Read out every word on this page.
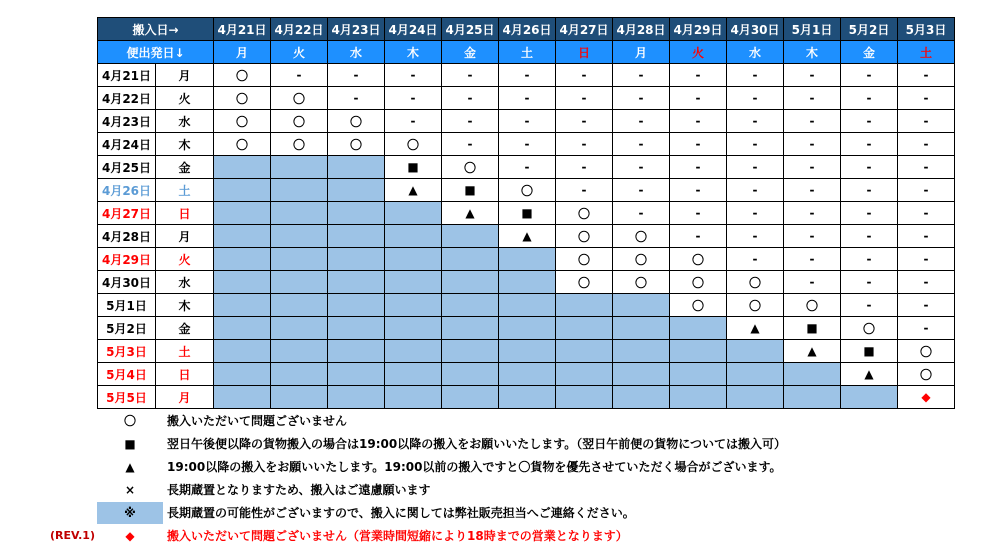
搬入日→		4月21日	4月22日	4月23日	4月24日	4月25日	4月26日	4月27日	4月28日	4月29日	4月30日	5月1日	5月2日	5月3日
便出発日↓		月	火	水	木	金	土	日	月	火	水	木	金	土
4月21日	月	〇	-	-	-	-	-	-	-	-	-	-	-	-
4月22日	火	〇	〇	-	-	-	-	-	-	-	-	-	-	-
4月23日	水	〇	〇	〇	-	-	-	-	-	-	-	-	-	-
4月24日	木	〇	〇	〇	〇	-	-	-	-	-	-	-	-	-
4月25日	金				■	〇	-	-	-	-	-	-	-	-
4月26日	土				▲	■	〇	-	-	-	-	-	-	-
4月27日	日					▲	■	〇	-	-	-	-	-	-
4月28日	月						▲	〇	〇	-	-	-	-	-
4月29日	火							〇	〇	〇	-	-	-	-
4月30日	水							〇	〇	〇	〇	-	-	-
5月1日	木									〇	〇	〇	-	-
5月2日	金										▲	■	〇	-
5月3日	土											▲	■	〇
5月4日	日												▲	〇
5月5日	月													◆
〇	搬入いただいて問題ございません
■	翌日午後便以降の貨物搬入の場合は19:00以降の搬入をお願いいたします。（翌日午前便の貨物については搬入可）
▲	19:00以降の搬入をお願いいたします。19:00以前の搬入ですと〇貨物を優先させていただく場合がございます。
×	長期蔵置となりますため、搬入はご遠慮願います
※	長期蔵置の可能性がございますので、搬入に関しては弊社販売担当へご連絡ください。
(REV.1)	◆	搬入いただいて問題ございません（営業時間短縮により18時までの営業となります）
